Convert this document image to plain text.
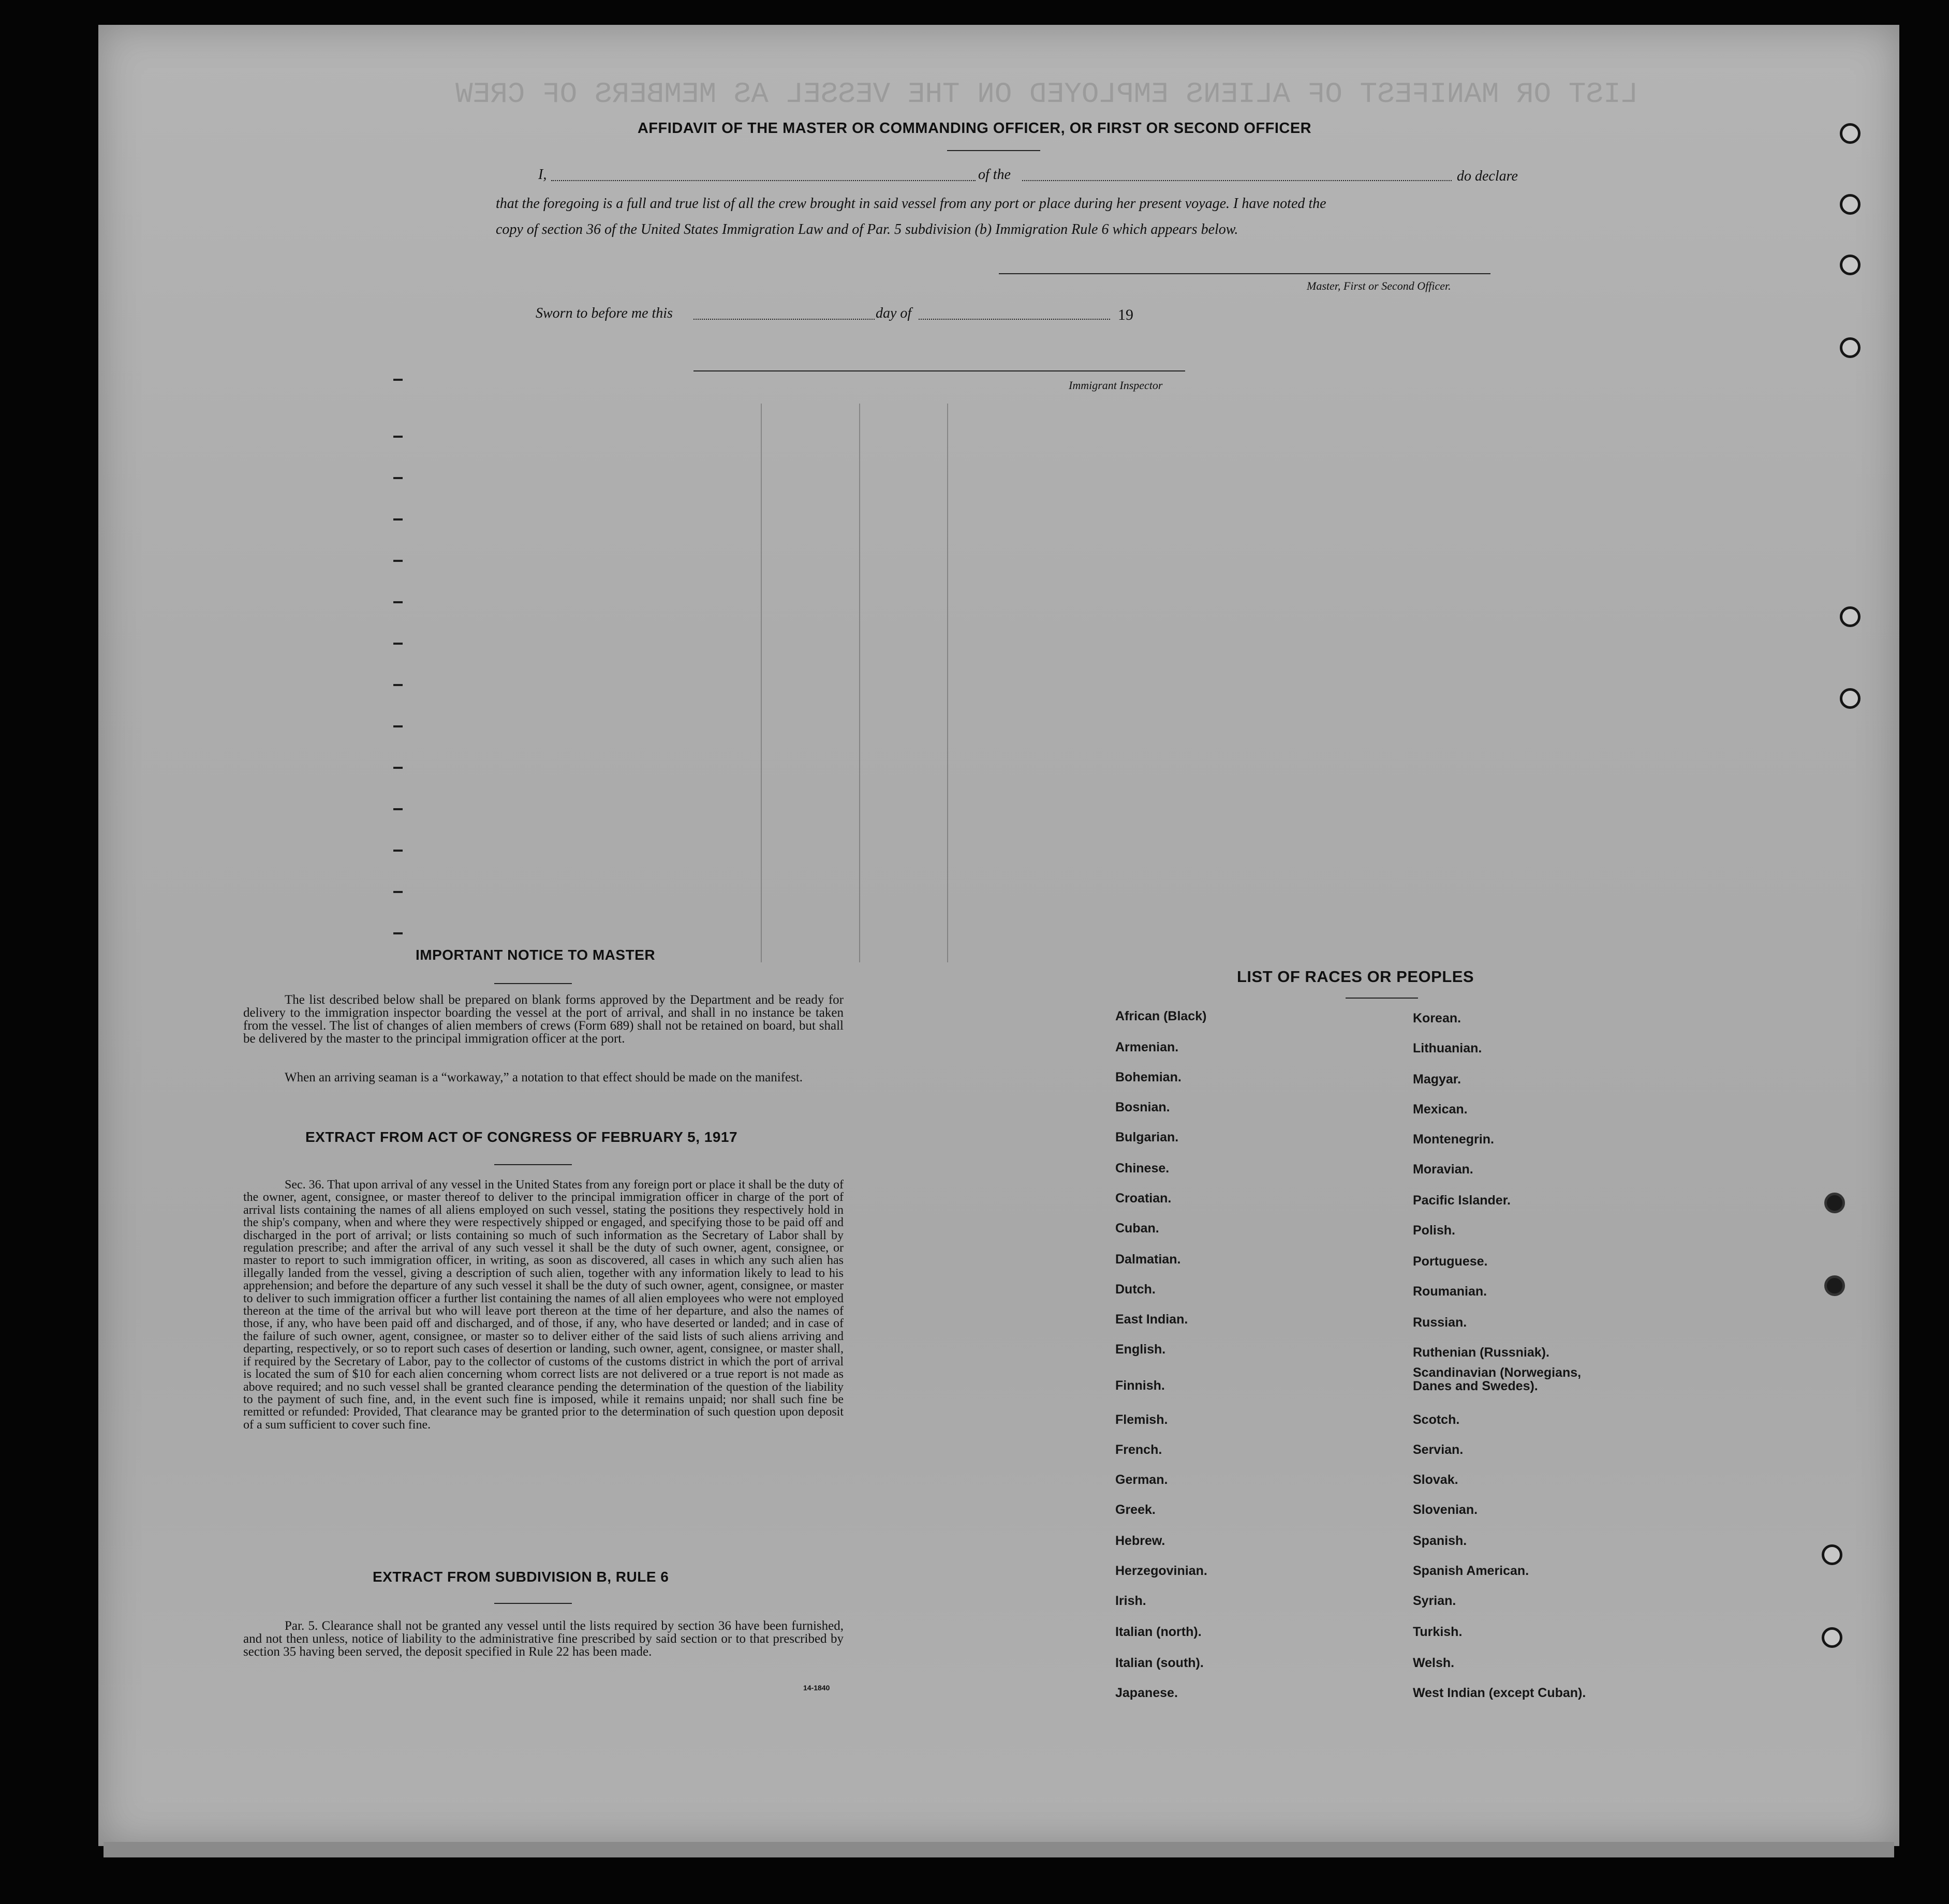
LIST OR MANIFEST OF ALIENS EMPLOYED ON THE VESSEL AS MEMBERS OF CREW
AFFIDAVIT OF THE MASTER OR COMMANDING OFFICER, OR FIRST OR SECOND OFFICER
I,	of the	do declare
that the foregoing is a full and true list of all the crew brought in said vessel from any port or place during her present voyage. I have noted the
copy of section 36 of the United States Immigration Law and of Par. 5 subdivision (b) Immigration Rule 6 which appears below.
Master, First or Second Officer.
Sworn to before me this	day of	19
Immigrant Inspector
IMPORTANT NOTICE TO MASTER
The list described below shall be prepared on blank forms approved by the Department and be ready for delivery to the immigration inspector boarding the vessel at the port of arrival, and shall in no instance be taken from the vessel. The list of changes of alien members of crews (Form 689) shall not be retained on board, but shall be delivered by the master to the principal immigration officer at the port.
When an arriving seaman is a “workaway,” a notation to that effect should be made on the manifest.
EXTRACT FROM ACT OF CONGRESS OF FEBRUARY 5, 1917
Sec. 36. That upon arrival of any vessel in the United States from any foreign port or place it shall be the duty of the owner, agent, consignee, or master thereof to deliver to the principal immigration officer in charge of the port of arrival lists containing the names of all aliens employed on such vessel, stating the positions they respectively hold in the ship's company, when and where they were respectively shipped or engaged, and specifying those to be paid off and discharged in the port of arrival; or lists containing so much of such information as the Secretary of Labor shall by regulation prescribe; and after the arrival of any such vessel it shall be the duty of such owner, agent, consignee, or master to report to such immigration officer, in writing, as soon as discovered, all cases in which any such alien has illegally landed from the vessel, giving a description of such alien, together with any information likely to lead to his apprehension; and before the departure of any such vessel it shall be the duty of such owner, agent, consignee, or master to deliver to such immigration officer a further list containing the names of all alien employees who were not employed thereon at the time of the arrival but who will leave port thereon at the time of her departure, and also the names of those, if any, who have been paid off and discharged, and of those, if any, who have deserted or landed; and in case of the failure of such owner, agent, consignee, or master so to deliver either of the said lists of such aliens arriving and departing, respectively, or so to report such cases of desertion or landing, such owner, agent, consignee, or master shall, if required by the Secretary of Labor, pay to the collector of customs of the customs district in which the port of arrival is located the sum of $10 for each alien concerning whom correct lists are not delivered or a true report is not made as above required; and no such vessel shall be granted clearance pending the determination of the question of the liability to the payment of such fine, and, in the event such fine is imposed, while it remains unpaid; nor shall such fine be remitted or refunded: Provided, That clearance may be granted prior to the determination of such question upon deposit of a sum sufficient to cover such fine.
EXTRACT FROM SUBDIVISION B, RULE 6
Par. 5. Clearance shall not be granted any vessel until the lists required by section 36 have been furnished, and not then unless, notice of liability to the administrative fine prescribed by said section or to that prescribed by section 35 having been served, the deposit specified in Rule 22 has been made.
14-1840
LIST OF RACES OR PEOPLES
African (Black)
Armenian.
Bohemian.
Bosnian.
Bulgarian.
Chinese.
Croatian.
Cuban.
Dalmatian.
Dutch.
East Indian.
English.
Finnish.
Flemish.
French.
German.
Greek.
Hebrew.
Herzegovinian.
Irish.
Italian (north).
Italian (south).
Japanese.
Korean.
Lithuanian.
Magyar.
Mexican.
Montenegrin.
Moravian.
Pacific Islander.
Polish.
Portuguese.
Roumanian.
Russian.
Ruthenian (Russniak).
Scandinavian (Norwegians, Danes and Swedes).
Scotch.
Servian.
Slovak.
Slovenian.
Spanish.
Spanish American.
Syrian.
Turkish.
Welsh.
West Indian (except Cuban).
